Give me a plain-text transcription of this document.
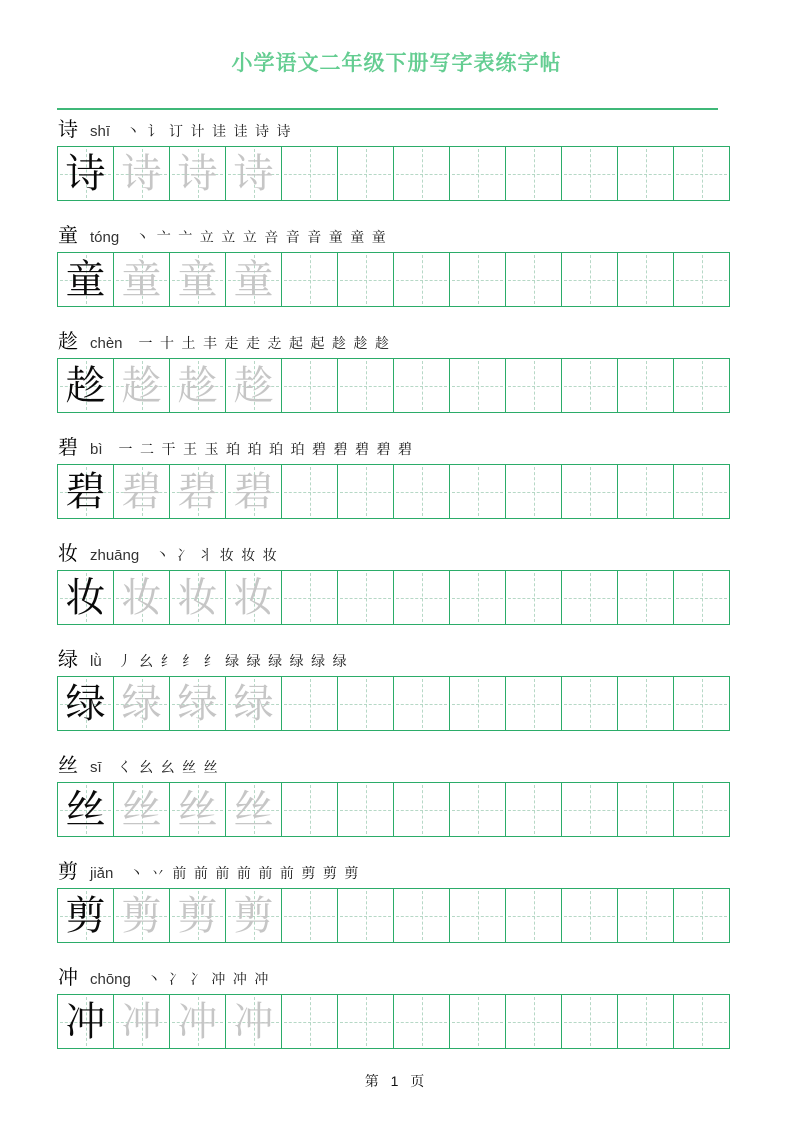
小学语文二年级下册写字表练字帖
诗 shī 丶 讠 订 计 诖 诖 诗 诗
诗	诗	诗	诗

童 tóng 丶 亠 亠 立 立 立 咅 音 音 童 童 童
童	童	童	童

趁 chèn 一 十 土 丰 走 走 赱 起 起 趁 趁 趁
趁	趁	趁	趁

碧 bì 一 二 干 王 玉 珀 珀 珀 珀 碧 碧 碧 碧 碧
碧	碧	碧	碧

妆 zhuāng 丶 冫 丬 妆 妆 妆
妆	妆	妆	妆

绿 lǜ 丿 幺 纟 纟 纟 绿 绿 绿 绿 绿 绿
绿	绿	绿	绿

丝 sī く 幺 幺 丝 丝
丝	丝	丝	丝

剪 jiǎn 丶 丷 前 前 前 前 前 前 剪 剪 剪
剪	剪	剪	剪

冲 chōng 丶 冫 冫 冲 冲 冲
冲	冲	冲	冲

第 1 页
